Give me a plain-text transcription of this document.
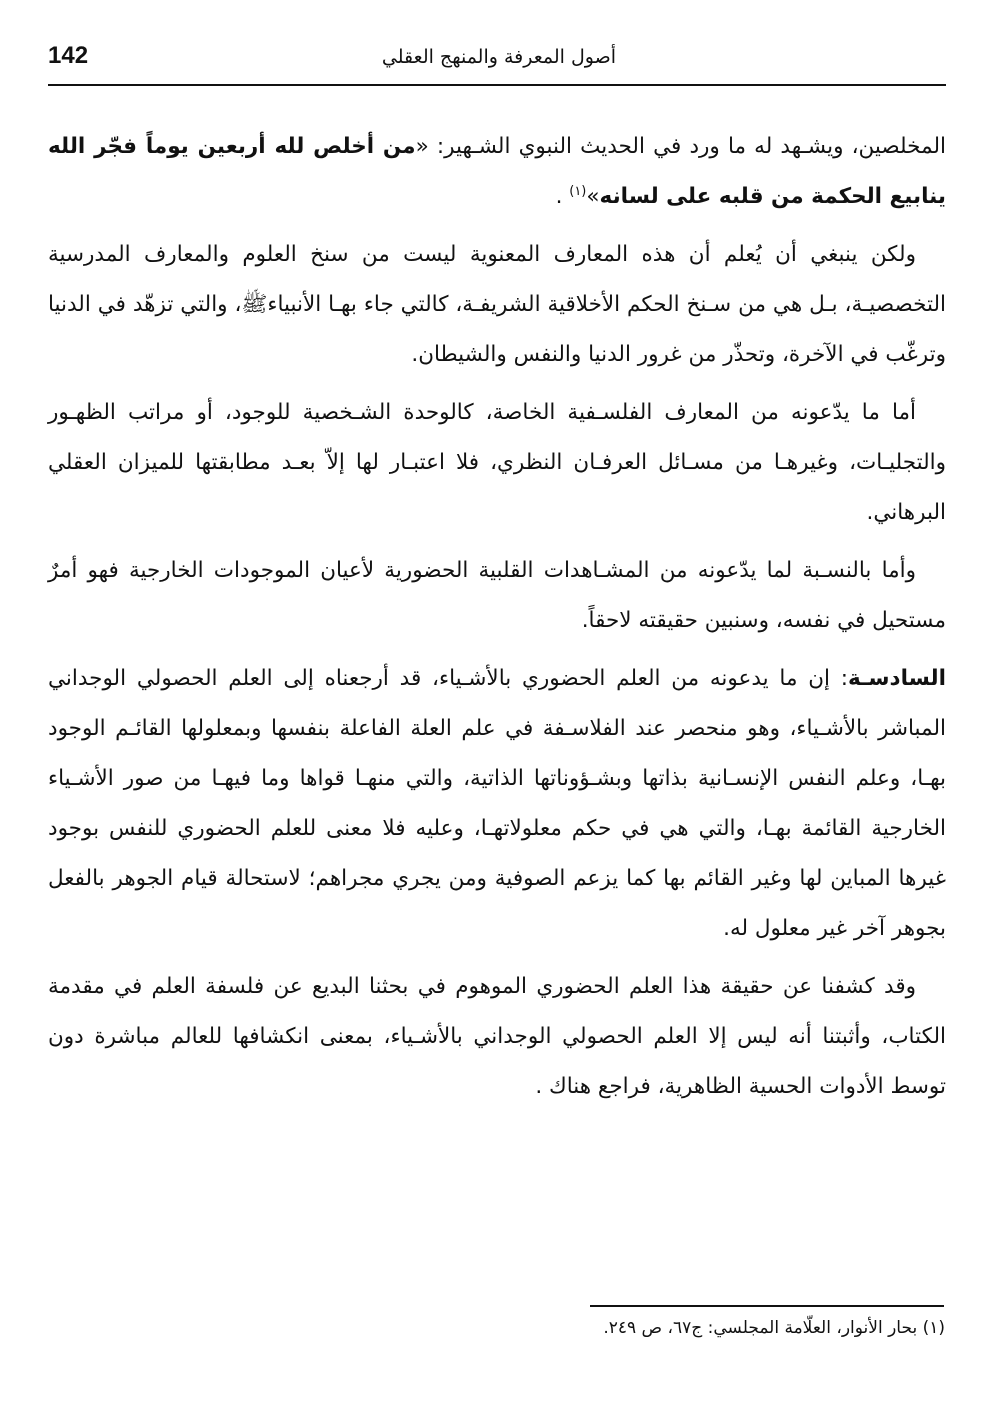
142	أصول المعرفة والمنهج العقلي

المخلصين، ويشـهد له ما ورد في الحديث النبوي الشـهير: «من أخلص لله أربعين يوماً فجّر الله ينابيع الحكمة من قلبه على لسانه»$^{(١)}$ .

ولكن ينبغي أن يُعلم أن هذه المعارف المعنوية ليست من سنخ العلوم والمعارف المدرسية التخصصيـة، بـل هي من سـنخ الحكم الأخلاقية الشريفـة، كالتي جاء بهـا الأنبياءﷺ، والتي تزهّد في الدنيا وترغّب في الآخرة، وتحذّر من غرور الدنيا والنفس والشيطان.

أما ما يدّعونه من المعارف الفلسـفية الخاصة، كالوحدة الشـخصية للوجود، أو مراتب الظهـور والتجليـات، وغيرهـا من مسـائل العرفـان النظري، فلا اعتبـار لها إلاّ بعـد مطابقتها للميزان العقلي البرهاني.

وأما بالنسـبة لما يدّعونه من المشـاهدات القلبية الحضورية لأعيان الموجودات الخارجية فهو أمرٌ مستحيل في نفسه، وسنبين حقيقته لاحقاً.

السادسـة: إن ما يدعونه من العلم الحضوري بالأشـياء، قد أرجعناه إلى العلم الحصولي الوجداني المباشر بالأشـياء، وهو منحصر عند الفلاسـفة في علم العلة الفاعلة بنفسها وبمعلولها القائـم الوجود بهـا، وعلم النفس الإنسـانية بذاتها وبشـؤوناتها الذاتية، والتي منهـا قواها وما فيهـا من صور الأشـياء الخارجية القائمة بهـا، والتي هي في حكم معلولاتهـا، وعليه فلا معنى للعلم الحضوري للنفس بوجود غيرها المباين لها وغير القائم بها كما يزعم الصوفية ومن يجري مجراهم؛ لاستحالة قيام الجوهر بالفعل بجوهر آخر غير معلول له.

وقد كشفنا عن حقيقة هذا العلم الحضوري الموهوم في بحثنا البديع عن فلسفة العلم في مقدمة الكتاب، وأثبتنا أنه ليس إلا العلم الحصولي الوجداني بالأشـياء، بمعنى انكشافها للعالم مباشرة دون توسط الأدوات الحسية الظاهرية، فراجع هناك .

(١) بحار الأنوار، العلّامة المجلسي: ج٦٧، ص ٢٤٩.
